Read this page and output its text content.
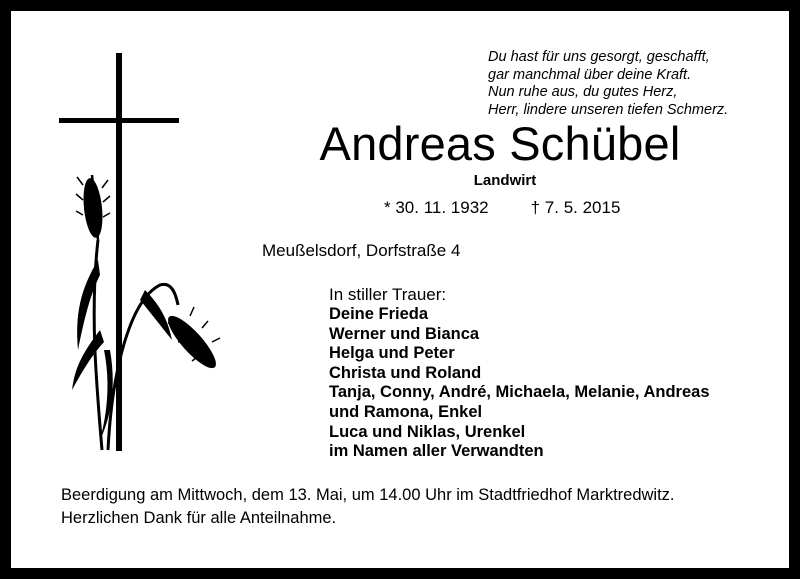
Du hast für uns gesorgt, geschafft,
gar manchmal über deine Kraft.
Nun ruhe aus, du gutes Herz,
Herr, lindere unseren tiefen Schmerz.
Andreas Schübel
Landwirt
* 30. 11. 1932 † 7. 5. 2015
Meußelsdorf, Dorfstraße 4
In stiller Trauer:
Deine Frieda
Werner und Bianca
Helga und Peter
Christa und Roland
Tanja, Conny, André, Michaela, Melanie, Andreas
und Ramona, Enkel
Luca und Niklas, Urenkel
im Namen aller Verwandten
Beerdigung am Mittwoch, dem 13. Mai, um 14.00 Uhr im Stadtfriedhof Marktredwitz.
Herzlichen Dank für alle Anteilnahme.
